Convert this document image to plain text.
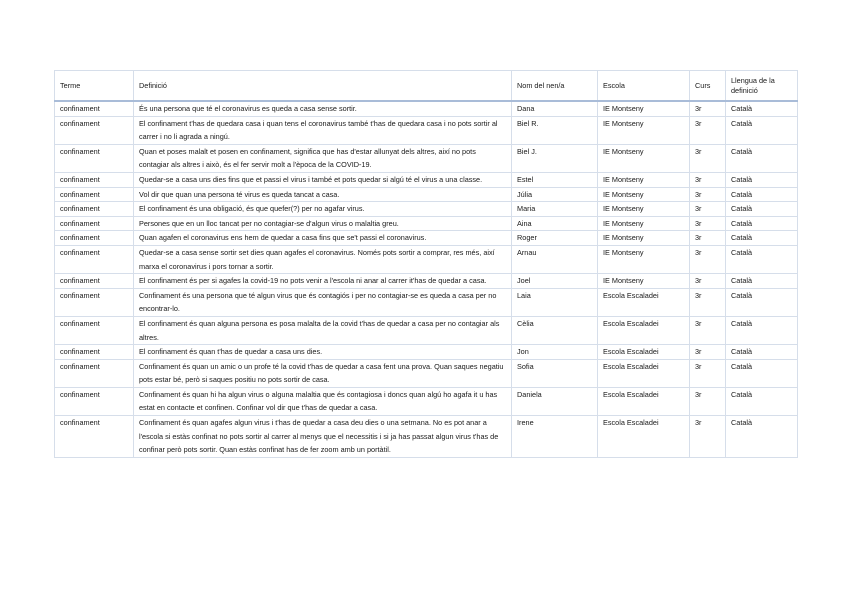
Terme	Definició	Nom del nen/a	Escola	Curs	Llengua de la definició
confinament	És una persona que té el coronavirus es queda a casa sense sortir.	Dana	IE Montseny	3r	Català
confinament	El confinament t'has de quedara casa i quan tens el coronavirus també t'has de quedara casa i no pots sortir al carrer i no li agrada a ningú.	Biel R.	IE Montseny	3r	Català
confinament	Quan et poses malalt et posen en confinament, significa que has d'estar allunyat dels altres, així no pots contagiar als altres i això, és el fer servir molt a l'època de la COVID-19.	Biel J.	IE Montseny	3r	Català
confinament	Quedar-se a casa uns dies fins que et passi el virus i també et pots quedar si algú té el virus a una classe.	Estel	IE Montseny	3r	Català
confinament	Vol dir que quan una persona té virus es queda tancat a casa.	Júlia	IE Montseny	3r	Català
confinament	El confinament és una obligació, és que quefer(?) per no agafar virus.	Maria	IE Montseny	3r	Català
confinament	Persones que en un lloc tancat per no contagiar-se d'algun virus o malaltia greu.	Aina	IE Montseny	3r	Català
confinament	Quan agafen el coronavirus ens hem de quedar a casa fins que se't passi el coronavirus.	Roger	IE Montseny	3r	Català
confinament	Quedar-se a casa sense sortir set dies quan agafes el coronavirus. Només pots sortir a comprar, res més, així marxa el coronavirus i pors tornar a sortir.	Arnau	IE Montseny	3r	Català
confinament	El confinament és per si agafes la covid-19 no pots venir a l'escola ni anar al carrer it'has de quedar a casa.	Joel	IE Montseny	3r	Català
confinament	Confinament és una persona que té algun virus que és contagiós i per no contagiar-se es queda a casa per no encontrar-lo.	Laia	Escola Escaladei	3r	Català
confinament	El confinament és quan alguna persona es posa malalta de la covid t'has de quedar a casa per no contagiar als altres.	Cèlia	Escola Escaladei	3r	Català
confinament	El confinament és quan t'has de quedar a casa uns dies.	Jon	Escola Escaladei	3r	Català
confinament	Confinament és quan un amic o un profe té la covid t'has de quedar a casa fent una prova. Quan saques negatiu pots estar bé, però si saques positiu no pots sortir de casa.	Sofia	Escola Escaladei	3r	Català
confinament	Confinament és quan hi ha algun virus o alguna malaltia que és contagiosa i doncs quan algú ho agafa it u has estat en contacte et confinen. Confinar vol dir que t'has de quedar a casa.	Daniela	Escola Escaladei	3r	Català
confinament	Confinament és quan agafes algun virus i t'has de quedar a casa deu dies o una setmana. No es pot anar a l'escola si estàs confinat no pots sortir al carrer al menys que el necessitis i si ja has passat algun virus t'has de confinar però pots sortir. Quan estàs confinat has de fer zoom amb un portàtil.	Irene	Escola Escaladei	3r	Català
